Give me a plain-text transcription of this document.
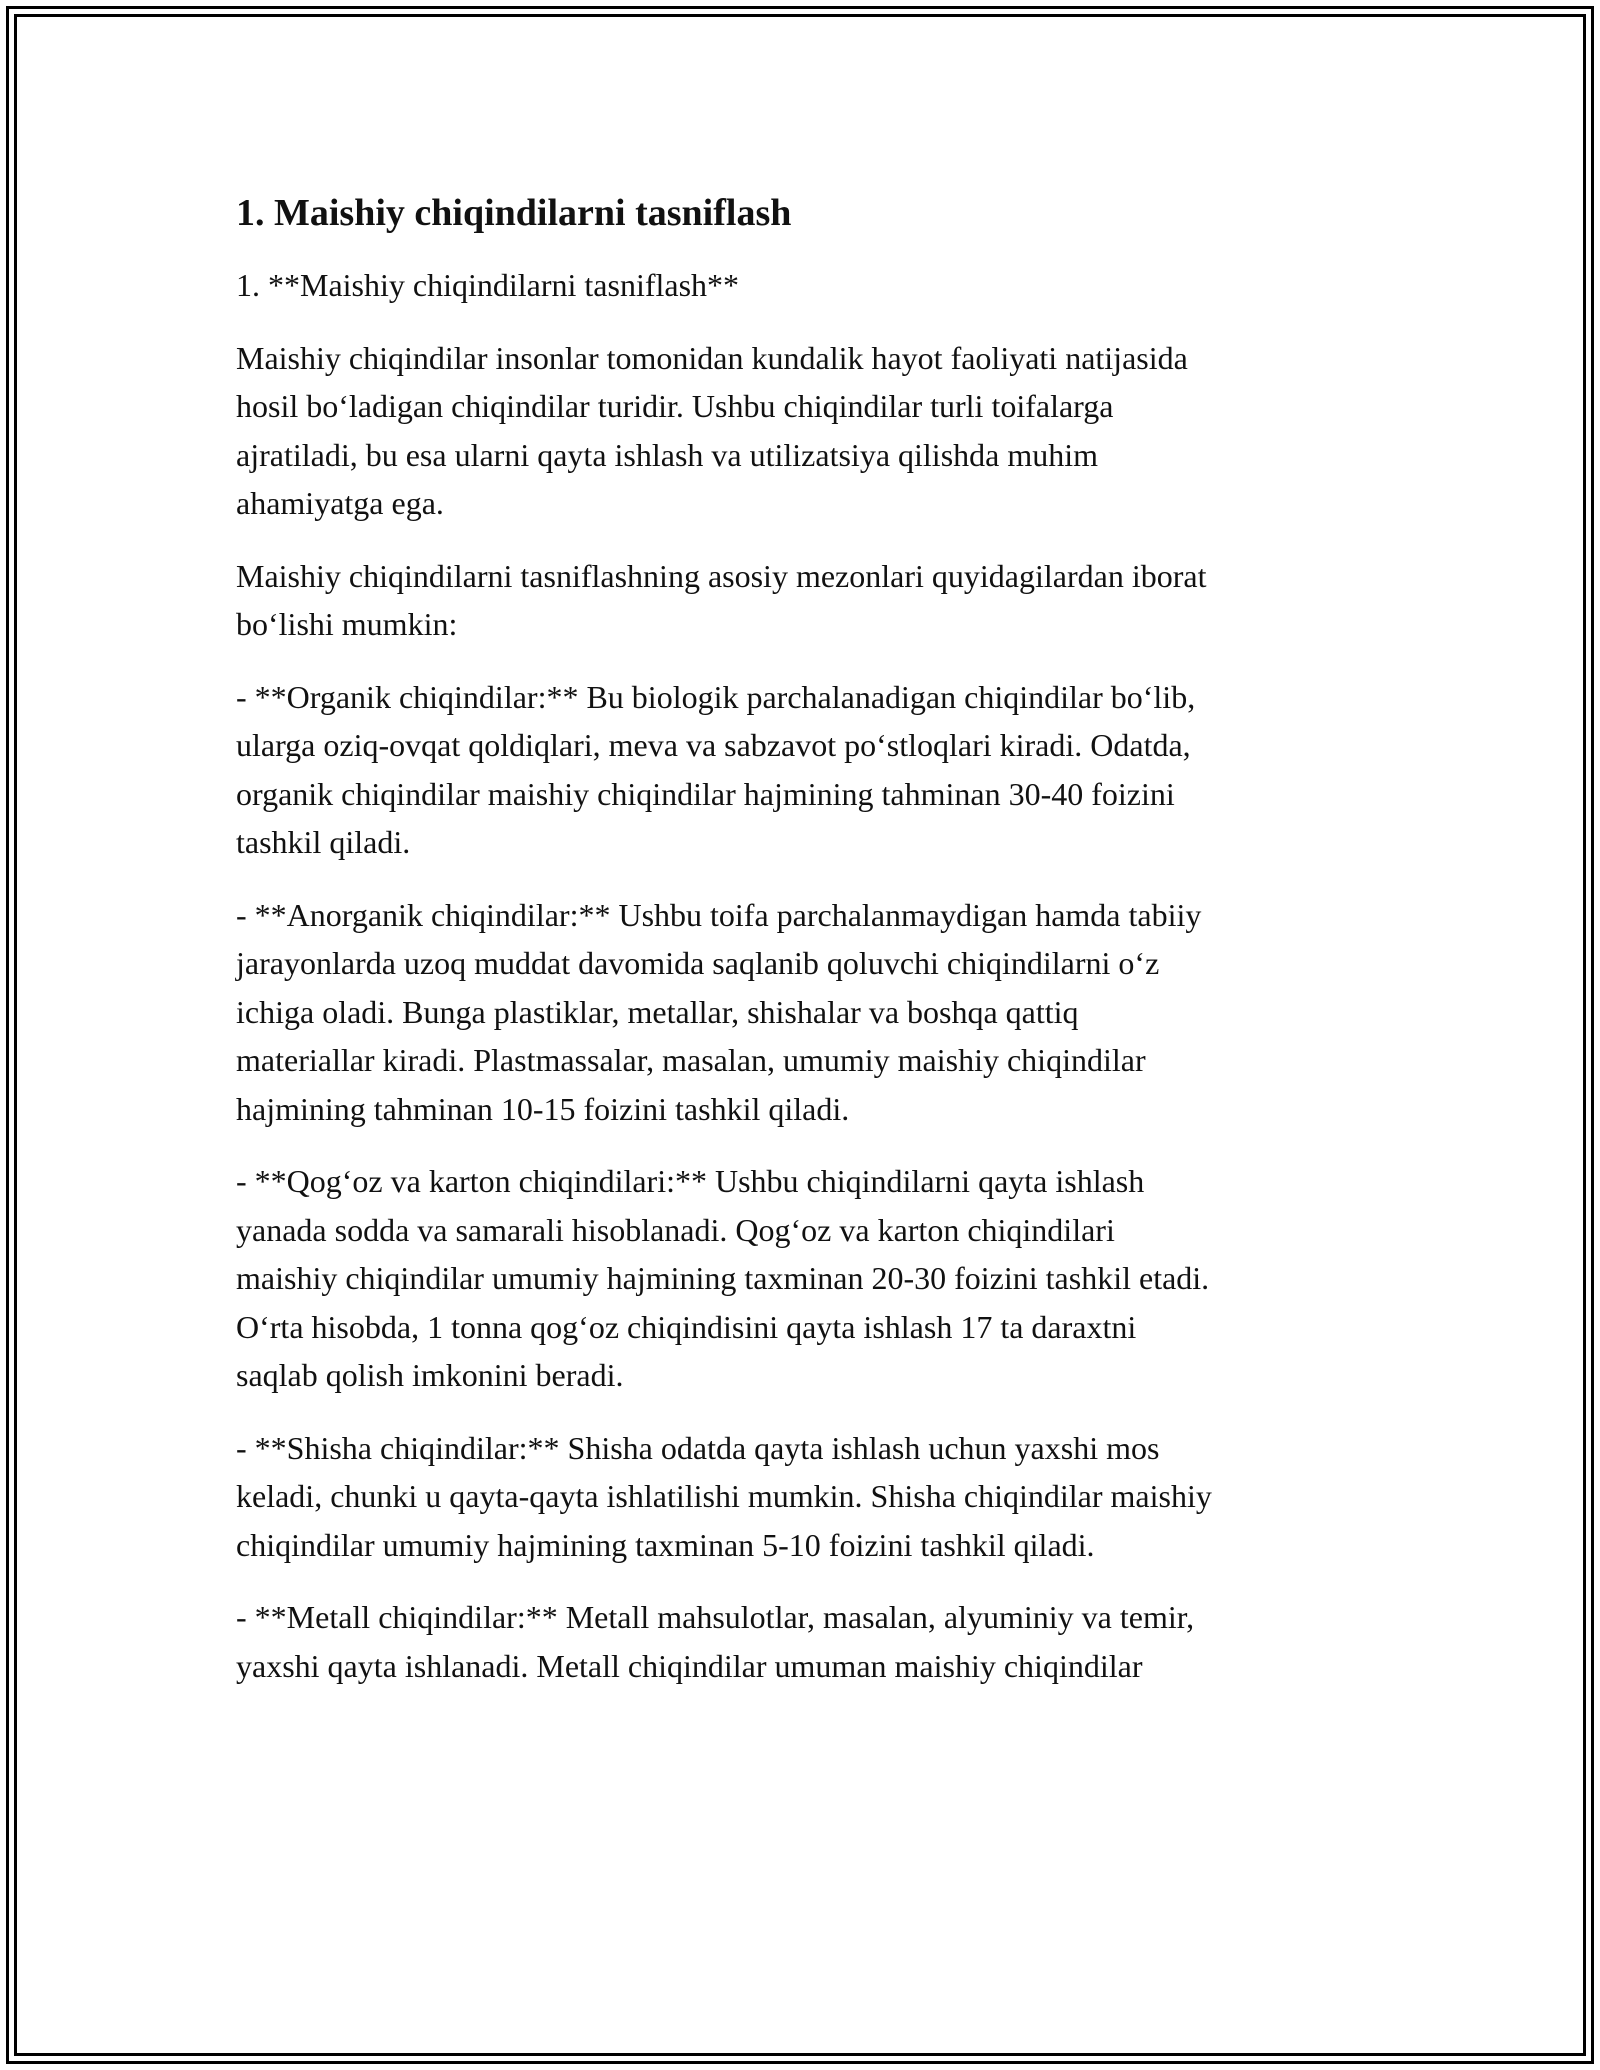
1. Maishiy chiqindilarni tasniflash

1. **Maishiy chiqindilarni tasniflash**

Maishiy chiqindilar insonlar tomonidan kundalik hayot faoliyati natijasida
hosil bo‘ladigan chiqindilar turidir. Ushbu chiqindilar turli toifalarga
ajratiladi, bu esa ularni qayta ishlash va utilizatsiya qilishda muhim
ahamiyatga ega.

Maishiy chiqindilarni tasniflashning asosiy mezonlari quyidagilardan iborat
bo‘lishi mumkin:

- **Organik chiqindilar:** Bu biologik parchalanadigan chiqindilar bo‘lib,
ularga oziq-ovqat qoldiqlari, meva va sabzavot po‘stloqlari kiradi. Odatda,
organik chiqindilar maishiy chiqindilar hajmining tahminan 30-40 foizini
tashkil qiladi.

- **Anorganik chiqindilar:** Ushbu toifa parchalanmaydigan hamda tabiiy
jarayonlarda uzoq muddat davomida saqlanib qoluvchi chiqindilarni o‘z
ichiga oladi. Bunga plastiklar, metallar, shishalar va boshqa qattiq
materiallar kiradi. Plastmassalar, masalan, umumiy maishiy chiqindilar
hajmining tahminan 10-15 foizini tashkil qiladi.

- **Qog‘oz va karton chiqindilari:** Ushbu chiqindilarni qayta ishlash
yanada sodda va samarali hisoblanadi. Qog‘oz va karton chiqindilari
maishiy chiqindilar umumiy hajmining taxminan 20-30 foizini tashkil etadi.
O‘rta hisobda, 1 tonna qog‘oz chiqindisini qayta ishlash 17 ta daraxtni
saqlab qolish imkonini beradi.

- **Shisha chiqindilar:** Shisha odatda qayta ishlash uchun yaxshi mos
keladi, chunki u qayta-qayta ishlatilishi mumkin. Shisha chiqindilar maishiy
chiqindilar umumiy hajmining taxminan 5-10 foizini tashkil qiladi.

- **Metall chiqindilar:** Metall mahsulotlar, masalan, alyuminiy va temir,
yaxshi qayta ishlanadi. Metall chiqindilar umuman maishiy chiqindilar
